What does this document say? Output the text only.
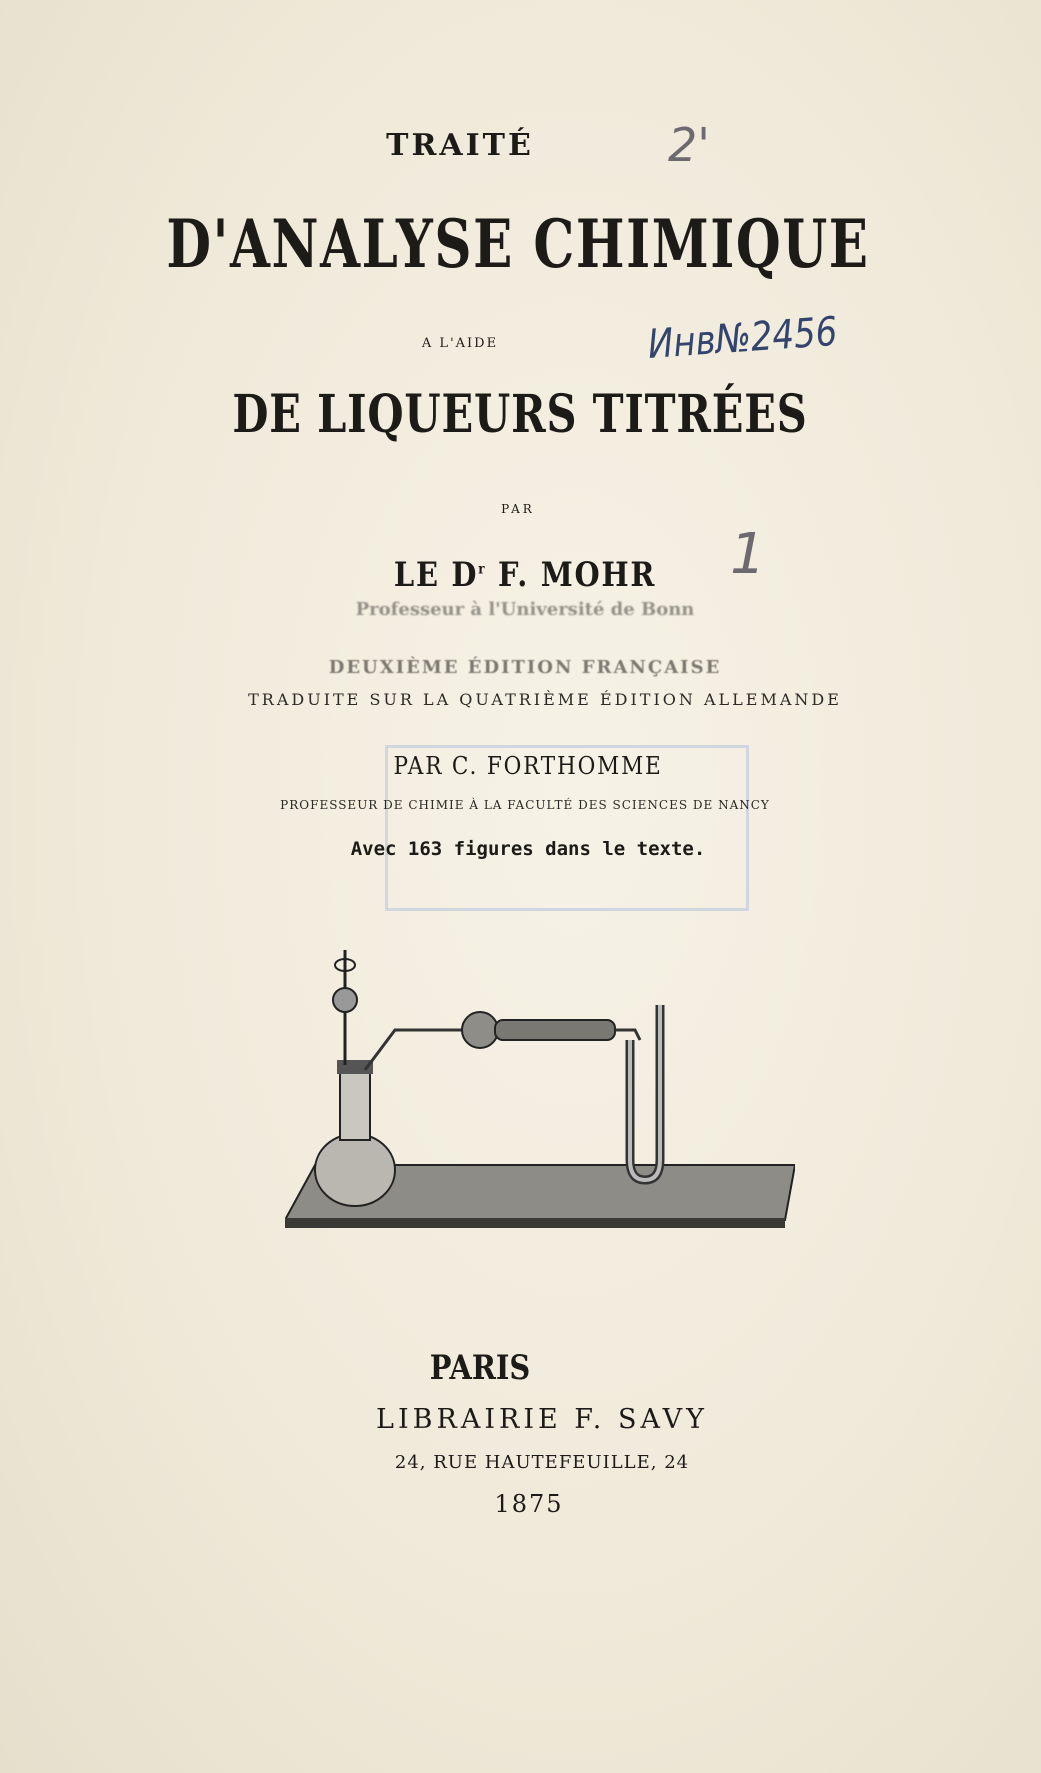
TRAITÉ	2'
D'ANALYSE CHIMIQUE
A L'AIDE	Инв№2456
DE LIQUEURS TITRÉES
PAR
LE $D^r$ F. MOHR 1
Professeur à l'Université de Bonn
DEUXIÈME ÉDITION FRANÇAISE
TRADUITE SUR LA QUATRIÈME ÉDITION ALLEMANDE
PAR C. FORTHOMME
PROFESSEUR DE CHIMIE À LA FACULTÉ DES SCIENCES DE NANCY
Avec 163 figures dans le texte.
PARIS
LIBRAIRIE F. SAVY
24, RUE HAUTEFEUILLE, 24
1875
